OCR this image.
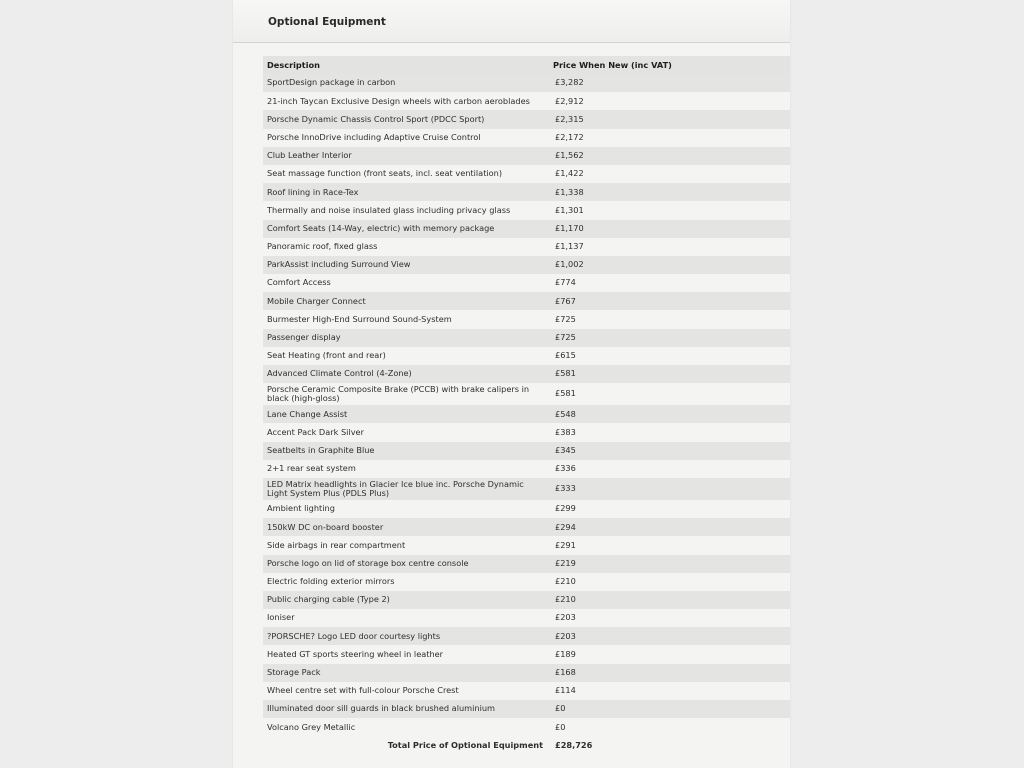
Optional Equipment
Description	Price When New (inc VAT)
SportDesign package in carbon	£3,282
21-inch Taycan Exclusive Design wheels with carbon aeroblades	£2,912
Porsche Dynamic Chassis Control Sport (PDCC Sport)	£2,315
Porsche InnoDrive including Adaptive Cruise Control	£2,172
Club Leather Interior	£1,562
Seat massage function (front seats, incl. seat ventilation)	£1,422
Roof lining in Race-Tex	£1,338
Thermally and noise insulated glass including privacy glass	£1,301
Comfort Seats (14-Way, electric) with memory package	£1,170
Panoramic roof, fixed glass	£1,137
ParkAssist including Surround View	£1,002
Comfort Access	£774
Mobile Charger Connect	£767
Burmester High-End Surround Sound-System	£725
Passenger display	£725
Seat Heating (front and rear)	£615
Advanced Climate Control (4-Zone)	£581
Porsche Ceramic Composite Brake (PCCB) with brake calipers in black (high-gloss)	£581
Lane Change Assist	£548
Accent Pack Dark Silver	£383
Seatbelts in Graphite Blue	£345
2+1 rear seat system	£336
LED Matrix headlights in Glacier Ice blue inc. Porsche Dynamic Light System Plus (PDLS Plus)	£333
Ambient lighting	£299
150kW DC on-board booster	£294
Side airbags in rear compartment	£291
Porsche logo on lid of storage box centre console	£219
Electric folding exterior mirrors	£210
Public charging cable (Type 2)	£210
Ioniser	£203
?PORSCHE? Logo LED door courtesy lights	£203
Heated GT sports steering wheel in leather	£189
Storage Pack	£168
Wheel centre set with full-colour Porsche Crest	£114
Illuminated door sill guards in black brushed aluminium	£0
Volcano Grey Metallic	£0
Total Price of Optional Equipment	£28,726
